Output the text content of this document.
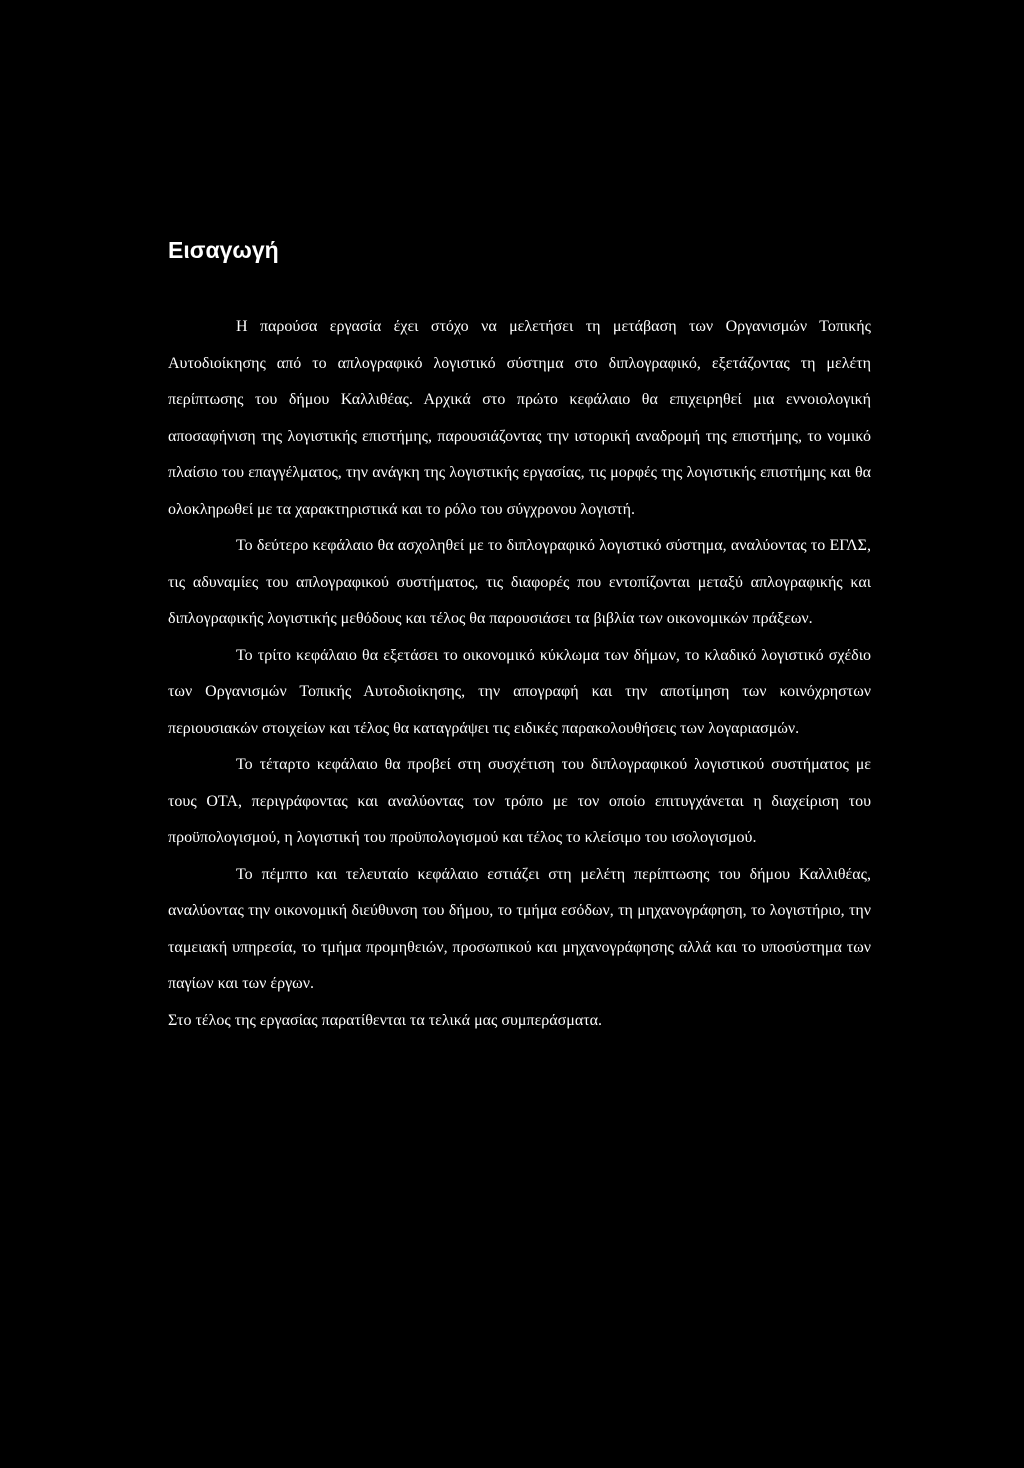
Εισαγωγή

Η παρούσα εργασία έχει στόχο να μελετήσει τη μετάβαση των Οργανισμών Τοπικής Αυτοδιοίκησης από το απλογραφικό λογιστικό σύστημα στο διπλογραφικό, εξετάζοντας τη μελέτη περίπτωσης του δήμου Καλλιθέας. Αρχικά στο πρώτο κεφάλαιο θα επιχειρηθεί μια εννοιολογική αποσαφήνιση της λογιστικής επιστήμης, παρουσιάζοντας την ιστορική αναδρομή της επιστήμης, το νομικό πλαίσιο του επαγγέλματος, την ανάγκη της λογιστικής εργασίας, τις μορφές της λογιστικής επιστήμης και θα ολοκληρωθεί με τα χαρακτηριστικά και το ρόλο του σύγχρονου λογιστή.

Το δεύτερο κεφάλαιο θα ασχοληθεί με το διπλογραφικό λογιστικό σύστημα, αναλύοντας το ΕΓΛΣ, τις αδυναμίες του απλογραφικού συστήματος, τις διαφορές που εντοπίζονται μεταξύ απλογραφικής και διπλογραφικής λογιστικής μεθόδους και τέλος θα παρουσιάσει τα βιβλία των οικονομικών πράξεων.

Το τρίτο κεφάλαιο θα εξετάσει το οικονομικό κύκλωμα των δήμων, το κλαδικό λογιστικό σχέδιο των Οργανισμών Τοπικής Αυτοδιοίκησης, την απογραφή και την αποτίμηση των κοινόχρηστων περιουσιακών στοιχείων και τέλος θα καταγράψει τις ειδικές παρακολουθήσεις των λογαριασμών.

Το τέταρτο κεφάλαιο θα προβεί στη συσχέτιση του διπλογραφικού λογιστικού συστήματος με τους ΟΤΑ, περιγράφοντας και αναλύοντας τον τρόπο με τον οποίο επιτυγχάνεται η διαχείριση του προϋπολογισμού, η λογιστική του προϋπολογισμού και τέλος το κλείσιμο του ισολογισμού.

Το πέμπτο και τελευταίο κεφάλαιο εστιάζει στη μελέτη περίπτωσης του δήμου Καλλιθέας, αναλύοντας την οικονομική διεύθυνση του δήμου, το τμήμα εσόδων, τη μηχανογράφηση, το λογιστήριο, την ταμειακή υπηρεσία, το τμήμα προμηθειών, προσωπικού και μηχανογράφησης αλλά και το υποσύστημα των παγίων και των έργων.

Στο τέλος της εργασίας παρατίθενται τα τελικά μας συμπεράσματα.
